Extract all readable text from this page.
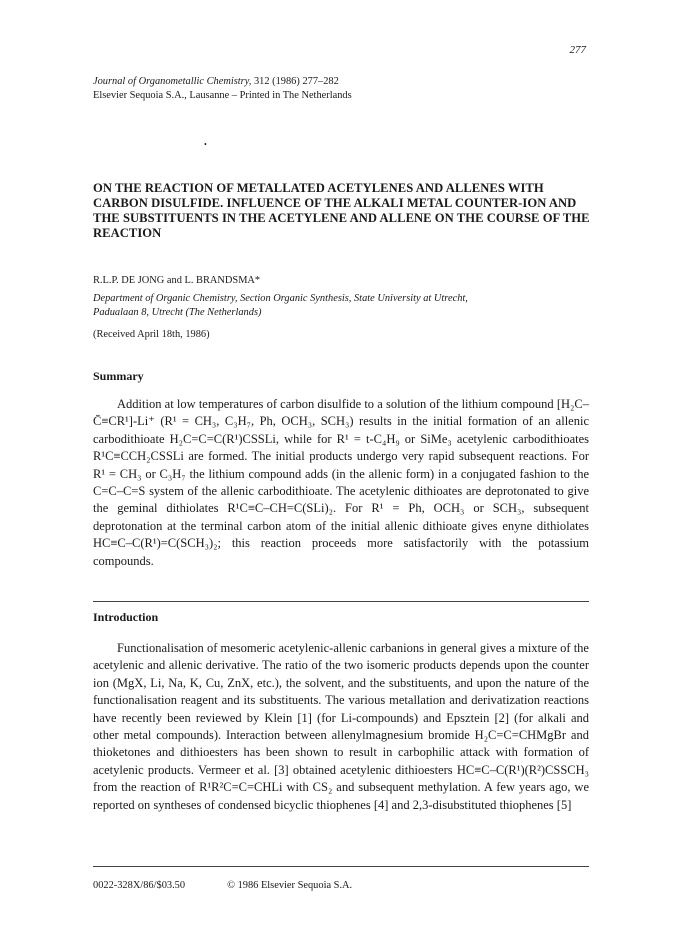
277
Journal of Organometallic Chemistry, 312 (1986) 277–282
Elsevier Sequoia S.A., Lausanne – Printed in The Netherlands
•
ON THE REACTION OF METALLATED ACETYLENES AND ALLENES WITH CARBON DISULFIDE. INFLUENCE OF THE ALKALI METAL COUNTER-ION AND THE SUBSTITUENTS IN THE ACETYLENE AND ALLENE ON THE COURSE OF THE REACTION
R.L.P. DE JONG and L. BRANDSMA*
Department of Organic Chemistry, Section Organic Synthesis, State University at Utrecht,
Padualaan 8, Utrecht (The Netherlands)
(Received April 18th, 1986)
Summary

Addition at low temperatures of carbon disulfide to a solution of the lithium compound [H₂C–C̄≡CR¹]-Li⁺ (R¹ = CH₃, C₃H₇, Ph, OCH₃, SCH₃) results in the initial formation of an allenic carbodithioate H₂C=C=C(R¹)CSSLi, while for R¹ = t-C₄H₉ or SiMe₃ acetylenic carbodithioates R¹C≡CCH₂CSSLi are formed. The initial products undergo very rapid subsequent reactions. For R¹ = CH₃ or C₃H₇ the lithium compound adds (in the allenic form) in a conjugated fashion to the C=C–C=S system of the allenic carbodithioate. The acetylenic dithioates are deprotonated to give the geminal dithiolates R¹C≡C–CH=C(SLi)₂. For R¹ = Ph, OCH₃ or SCH₃, subsequent deprotonation at the terminal carbon atom of the initial allenic dithioate gives enyne dithiolates HC≡C–C(R¹)=C(SCH₃)₂; this reaction proceeds more satisfactorily with the potassium compounds.

Introduction

Functionalisation of mesomeric acetylenic-allenic carbanions in general gives a mixture of the acetylenic and allenic derivative. The ratio of the two isomeric products depends upon the counter ion (MgX, Li, Na, K, Cu, ZnX, etc.), the solvent, and the substituents, and upon the nature of the functionalisation reagent and its substituents. The various metallation and derivatization reactions have recently been reviewed by Klein [1] (for Li-compounds) and Epsztein [2] (for alkali and other metal compounds). Interaction between allenylmagnesium bromide H₂C=C=CHMgBr and thioketones and dithioesters has been shown to result in carbophilic attack with formation of acetylenic products. Vermeer et al. [3] obtained acetylenic dithioesters HC≡C–C(R¹)(R²)CSSCH₃ from the reaction of R¹R²C=C=CHLi with CS₂ and subsequent methylation. A few years ago, we reported on syntheses of condensed bicyclic thiophenes [4] and 2,3-disubstituted thiophenes [5]

0022-328X/86/$03.50	© 1986 Elsevier Sequoia S.A.
